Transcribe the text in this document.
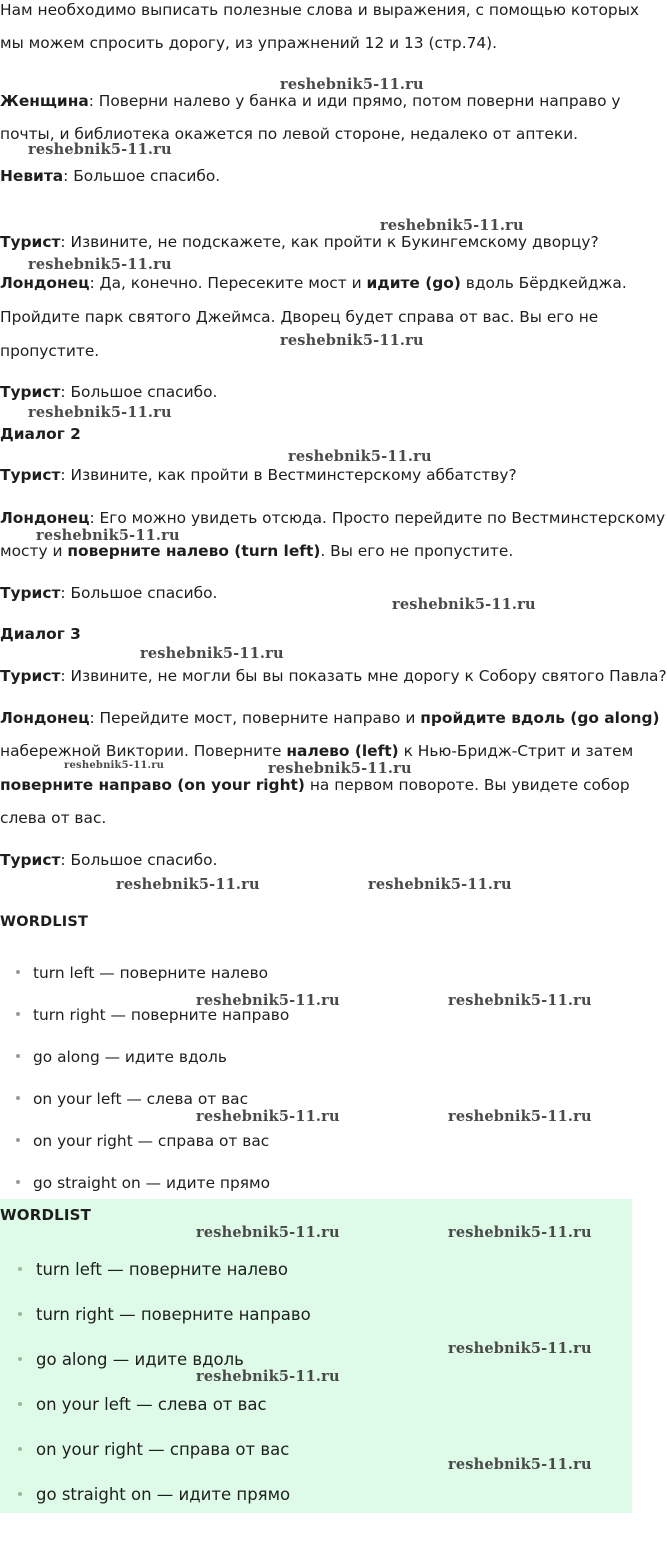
Нам необходимо выписать полезные слова и выражения, с помощью которых
мы можем спросить дорогу, из упражнений 12 и 13 (стр.74).
Женщина: Поверни налево у банка и иди прямо, потом поверни направо у
почты, и библиотека окажется по левой стороне, недалеко от аптеки.
Невита: Большое спасибо.
Турист: Извините, не подскажете, как пройти к Букингемскому дворцу?
Лондонец: Да, конечно. Пересеките мост и идите (go) вдоль Бёрдкейджа.
Пройдите парк святого Джеймса. Дворец будет справа от вас. Вы его не
пропустите.
Турист: Большое спасибо.
Диалог 2
Турист: Извините, как пройти в Вестминстерскому аббатству?
Лондонец: Его можно увидеть отсюда. Просто перейдите по Вестминстерскому
мосту и поверните налево (turn left). Вы его не пропустите.
Турист: Большое спасибо.
Диалог 3
Турист: Извините, не могли бы вы показать мне дорогу к Собору святого Павла?
Лондонец: Перейдите мост, поверните направо и пройдите вдоль (go along)
набережной Виктории. Поверните налево (left) к Нью-Бридж-Стрит и затем
поверните направо (on your right) на первом повороте. Вы увидете собор
слева от вас.
Турист: Большое спасибо.
WORDLIST
turn left — поверните налево
turn right — поверните направо
go along — идите вдоль
on your left — слева от вас
on your right — справа от вас
go straight on — идите прямо
WORDLIST
turn left — поверните налево
turn right — поверните направо
go along — идите вдоль
on your left — слева от вас
on your right — справа от вас
go straight on — идите прямо
reshebnik5-11.ru
reshebnik5-11.ru
reshebnik5-11.ru
reshebnik5-11.ru
reshebnik5-11.ru
reshebnik5-11.ru
reshebnik5-11.ru
reshebnik5-11.ru
reshebnik5-11.ru
reshebnik5-11.ru
reshebnik5-11.ru	reshebnik5-11.ru
reshebnik5-11.ru	reshebnik5-11.ru
reshebnik5-11.ru	reshebnik5-11.ru
reshebnik5-11.ru	reshebnik5-11.ru
reshebnik5-11.ru	reshebnik5-11.ru
reshebnik5-11.ru
reshebnik5-11.ru
reshebnik5-11.ru
